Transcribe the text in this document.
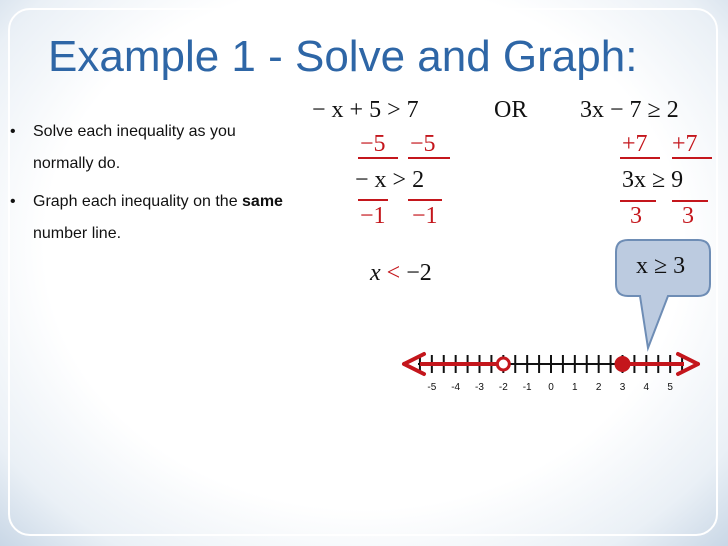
Example 1 - Solve and Graph:
• Solve each inequality as you
normally do.
• Graph each inequality on the same
number line.
− x + 5 > 7
−5 −5
− x > 2
−1 −1
x < −2
OR 3x − 7 ≥ 2
+7 +7
3x ≥ 9
3 3
x ≥ 3
-5 -4 -3 -2 -1 0 1 2 3 4 5
